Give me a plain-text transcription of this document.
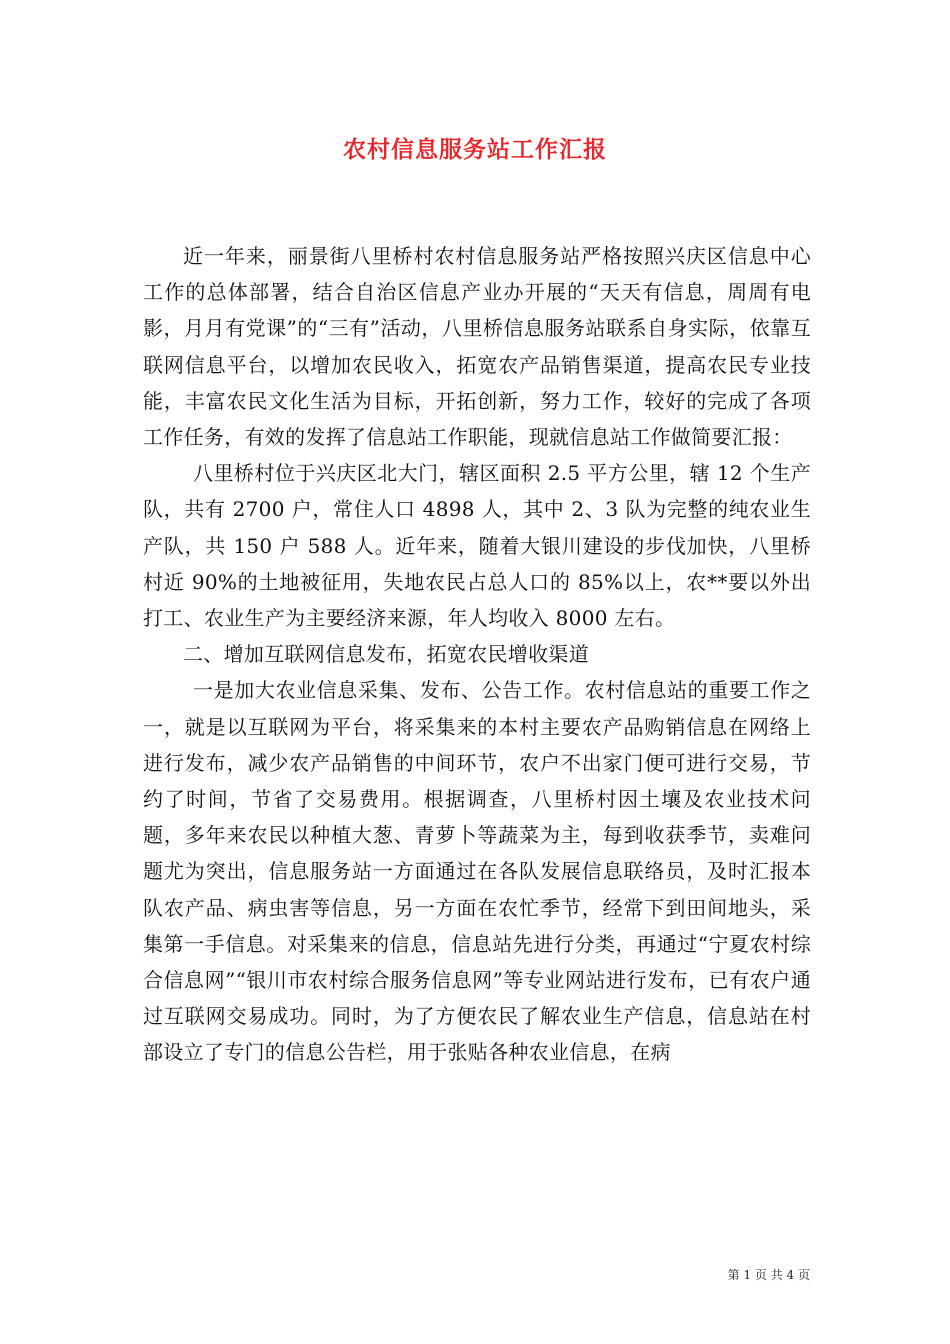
农村信息服务站工作汇报

近一年来，丽景街八里桥村农村信息服务站严格按照兴庆区信息中心工作的总体部署，结合自治区信息产业办开展的“天天有信息，周周有电影，月月有党课”的“三有”活动，八里桥信息服务站联系自身实际，依靠互联网信息平台，以增加农民收入，拓宽农产品销售渠道，提高农民专业技能，丰富农民文化生活为目标，开拓创新，努力工作，较好的完成了各项工作任务，有效的发挥了信息站工作职能，现就信息站工作做简要汇报：

八里桥村位于兴庆区北大门，辖区面积 2.5 平方公里，辖 12 个生产队，共有 2700 户，常住人口 4898 人，其中 2、3 队为完整的纯农业生产队，共 150 户 588 人。近年来，随着大银川建设的步伐加快，八里桥村近 90%的土地被征用，失地农民占总人口的 85%以上，农**要以外出打工、农业生产为主要经济来源，年人均收入 8000 左右。

二、增加互联网信息发布，拓宽农民增收渠道

一是加大农业信息采集、发布、公告工作。农村信息站的重要工作之一，就是以互联网为平台，将采集来的本村主要农产品购销信息在网络上进行发布，减少农产品销售的中间环节，农户不出家门便可进行交易，节约了时间，节省了交易费用。根据调查，八里桥村因土壤及农业技术问题，多年来农民以种植大葱、青萝卜等蔬菜为主，每到收获季节，卖难问题尤为突出，信息服务站一方面通过在各队发展信息联络员，及时汇报本队农产品、病虫害等信息，另一方面在农忙季节，经常下到田间地头，采集第一手信息。对采集来的信息，信息站先进行分类，再通过“宁夏农村综合信息网”“银川市农村综合服务信息网”等专业网站进行发布，已有农户通过互联网交易成功。同时，为了方便农民了解农业生产信息，信息站在村部设立了专门的信息公告栏，用于张贴各种农业信息，在病

第 1 页 共 4 页
